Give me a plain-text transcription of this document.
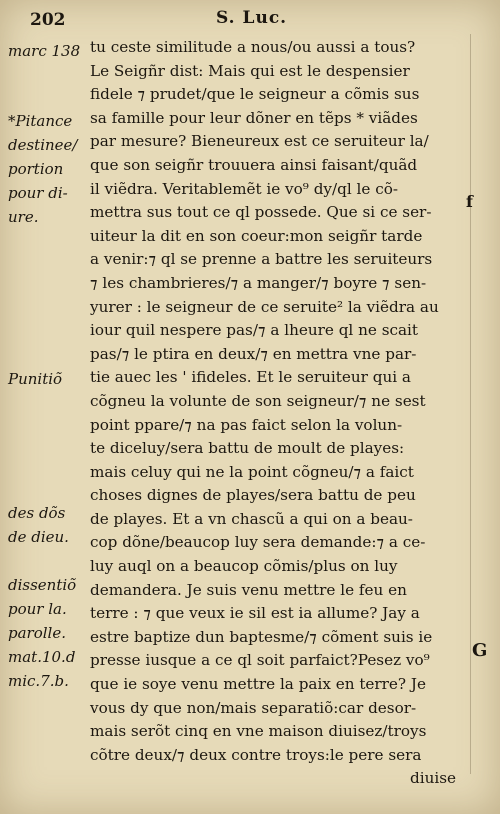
202	S. Luc.
marc 138
*Pitance
destinee/
portion
pour di-
ure.
Punitiõ
des dõs
de dieu.
dissentiõ
pour la.
parolle.
mat.10.d
mic.7.b.
tu ceste similitude a nous/ou aussi a tous?
Le Seigñr dist: Mais qui est le despensier
fidele ⁊ prudet/que le seigneur a cõmis sus
sa famille pour leur dõner en tẽps * viãdes
par mesure? Bieneureux est ce seruiteur la/
que son seigñr trouuera ainsi faisant/quãd
il viẽdra. Veritablemẽt ie vo⁹ dy/ql le cõ-
mettra sus tout ce ql possede. Que si ce ser-
uiteur la dit en son coeur:mon seigñr tarde
a venir:⁊ ql se prenne a battre les seruiteurs
⁊ les chambrieres/⁊ a manger/⁊ boyre ⁊ sen-
yurer : le seigneur de ce seruite² la viẽdra au
iour quil nespere pas/⁊ a lheure ql ne scait
pas/⁊ le ptira en deux/⁊ en mettra vne par-
tie auec les ' ifideles. Et le seruiteur qui a
cõgneu la volunte de son seigneur/⁊ ne sest
point ppare/⁊ na pas faict selon la volun-
te diceluy/sera battu de moult de playes:
mais celuy qui ne la point cõgneu/⁊ a faict
choses dignes de playes/sera battu de peu
de playes. Et a vn chascũ a qui on a beau-
cop dõne/beaucop luy sera demande:⁊ a ce-
luy auql on a beaucop cõmis/plus on luy
demandera. Je suis venu mettre le feu en
terre : ⁊ que veux ie sil est ia allume? Jay a
estre baptize dun baptesme/⁊ cõment suis ie
presse iusque a ce ql soit parfaict?Pesez vo⁹
que ie soye venu mettre la paix en terre? Je
vous dy que non/mais separatiõ:car desor-
mais serõt cinq en vne maison diuisez/troys
cõtre deux/⁊ deux contre troys:le pere sera
diuise
f
G
